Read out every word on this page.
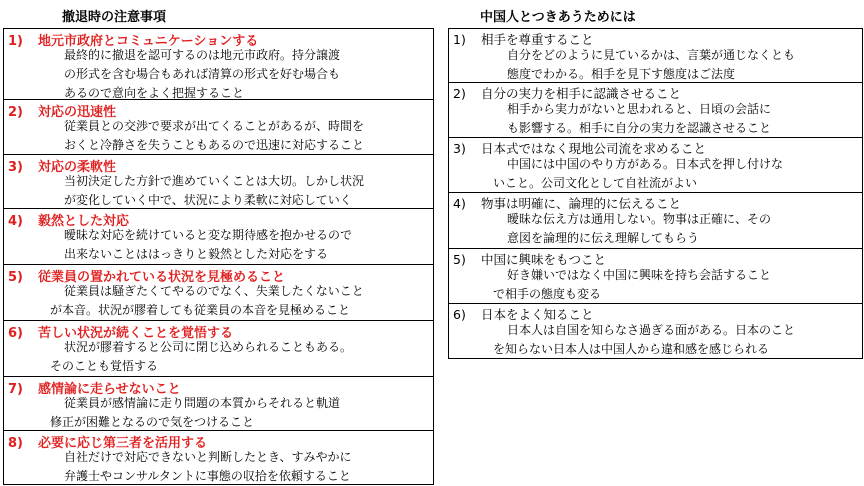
撤退時の注意事項	中国人とつきあうためには
1) 地元市政府とコミュニケーションする
最終的に撤退を認可するのは地元市政府。持分譲渡
の形式を含む場合もあれば清算の形式を好む場合も
あるので意向をよく把握すること
2) 対応の迅速性
従業員との交渉で要求が出てくることがあるが、時間を
おくと冷静さを失うこともあるので迅速に対応すること
3) 対応の柔軟性
当初決定した方針で進めていくことは大切。しかし状況
が変化していく中で、状況により柔軟に対応していく
4) 毅然とした対応
曖昧な対応を続けていると変な期待感を抱かせるので
出来ないことははっきりと毅然とした対応をする
5) 従業員の置かれている状況を見極めること
従業員は騒ぎたくてやるのでなく、失業したくないこと
が本音。状況が膠着しても従業員の本音を見極めること
6) 苦しい状況が続くことを覚悟する
状況が膠着すると公司に閉じ込められることもある。
そのことも覚悟する
7) 感情論に走らせないこと
従業員が感情論に走り問題の本質からそれると軌道
修正が困難となるので気をつけること
8) 必要に応じ第三者を活用する
自社だけで対応できないと判断したとき、すみやかに
弁護士やコンサルタントに事態の収拾を依頼すること
1) 相手を尊重すること
自分をどのように見ているかは、言葉が通じなくとも
態度でわかる。相手を見下す態度はご法度
2) 自分の実力を相手に認識させること
相手から実力がないと思われると、日頃の会話に
も影響する。相手に自分の実力を認識させること
3) 日本式ではなく現地公司流を求めること
中国には中国のやり方がある。日本式を押し付けな
いこと。公司文化として自社流がよい
4) 物事は明確に、論理的に伝えること
曖昧な伝え方は通用しない。物事は正確に、その
意図を論理的に伝え理解してもらう
5) 中国に興味をもつこと
好き嫌いではなく中国に興味を持ち会話すること
で相手の態度も変る
6) 日本をよく知ること
日本人は自国を知らなさ過ぎる面がある。日本のこと
を知らない日本人は中国人から違和感を感じられる
